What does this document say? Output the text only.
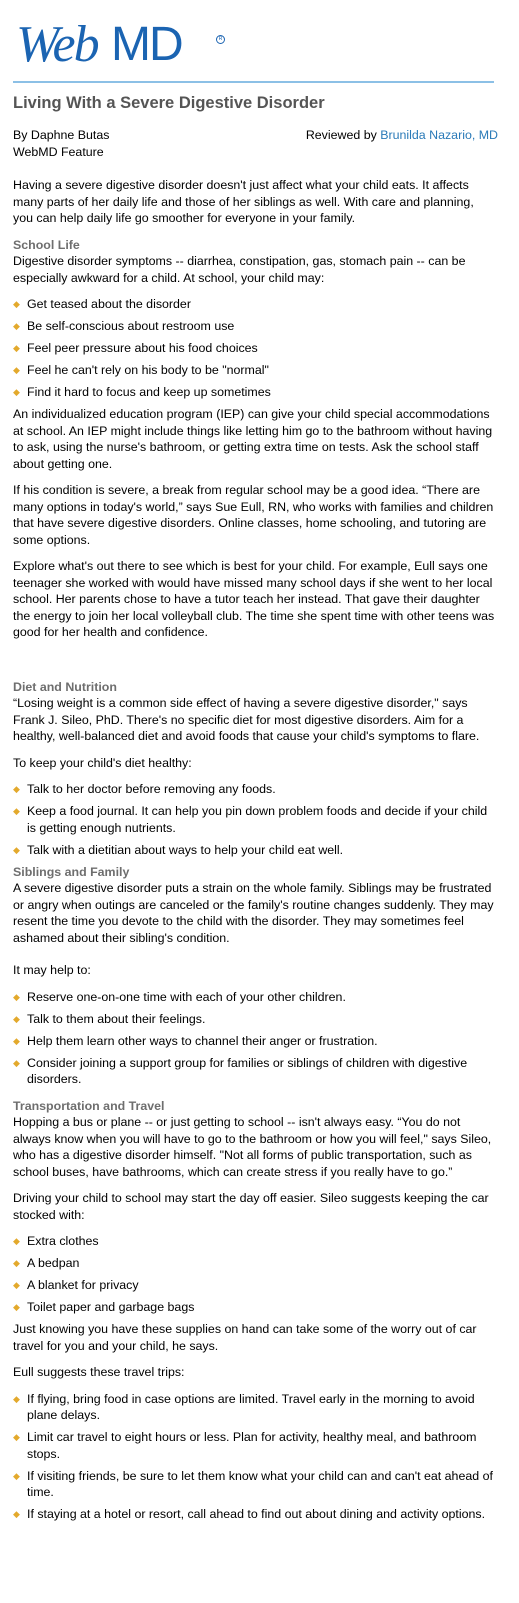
Web MD	R
Living With a Severe Digestive Disorder
By Daphne Butas
WebMD Feature
Reviewed by Brunilda Nazario, MD

Having a severe digestive disorder doesn't just affect what your child eats. It affects many parts of her daily life and those of her siblings as well. With care and planning, you can help daily life go smoother for everyone in your family.

School Life

Digestive disorder symptoms -- diarrhea, constipation, gas, stomach pain -- can be especially awkward for a child. At school, your child may:

◆ Get teased about the disorder
◆ Be self-conscious about restroom use
◆ Feel peer pressure about his food choices
◆ Feel he can't rely on his body to be "normal"
◆ Find it hard to focus and keep up sometimes

An individualized education program (IEP) can give your child special accommodations at school. An IEP might include things like letting him go to the bathroom without having to ask, using the nurse's bathroom, or getting extra time on tests. Ask the school staff about getting one.

If his condition is severe, a break from regular school may be a good idea. “There are many options in today's world,” says Sue Eull, RN, who works with families and children that have severe digestive disorders. Online classes, home schooling, and tutoring are some options.

Explore what's out there to see which is best for your child. For example, Eull says one teenager she worked with would have missed many school days if she went to her local school. Her parents chose to have a tutor teach her instead. That gave their daughter the energy to join her local volleyball club. The time she spent time with other teens was good for her health and confidence.

Diet and Nutrition

“Losing weight is a common side effect of having a severe digestive disorder," says Frank J. Sileo, PhD. There's no specific diet for most digestive disorders. Aim for a healthy, well-balanced diet and avoid foods that cause your child's symptoms to flare.

To keep your child's diet healthy:

◆ Talk to her doctor before removing any foods.
◆ Keep a food journal. It can help you pin down problem foods and decide if your child is getting enough nutrients.
◆ Talk with a dietitian about ways to help your child eat well.
Siblings and Family

A severe digestive disorder puts a strain on the whole family. Siblings may be frustrated or angry when outings are canceled or the family's routine changes suddenly. They may resent the time you devote to the child with the disorder. They may sometimes feel ashamed about their sibling's condition.

It may help to:

◆ Reserve one-on-one time with each of your other children.
◆ Talk to them about their feelings.
◆ Help them learn other ways to channel their anger or frustration.
◆ Consider joining a support group for families or siblings of children with digestive disorders.
Transportation and Travel

Hopping a bus or plane -- or just getting to school -- isn't always easy. “You do not always know when you will have to go to the bathroom or how you will feel," says Sileo, who has a digestive disorder himself. "Not all forms of public transportation, such as school buses, have bathrooms, which can create stress if you really have to go.”

Driving your child to school may start the day off easier. Sileo suggests keeping the car stocked with:

◆ Extra clothes
◆ A bedpan
◆ A blanket for privacy
◆ Toilet paper and garbage bags

Just knowing you have these supplies on hand can take some of the worry out of car travel for you and your child, he says.

Eull suggests these travel trips:

◆ If flying, bring food in case options are limited. Travel early in the morning to avoid plane delays.
◆ Limit car travel to eight hours or less. Plan for activity, healthy meal, and bathroom stops.
◆ If visiting friends, be sure to let them know what your child can and can't eat ahead of time.
◆ If staying at a hotel or resort, call ahead to find out about dining and activity options.
